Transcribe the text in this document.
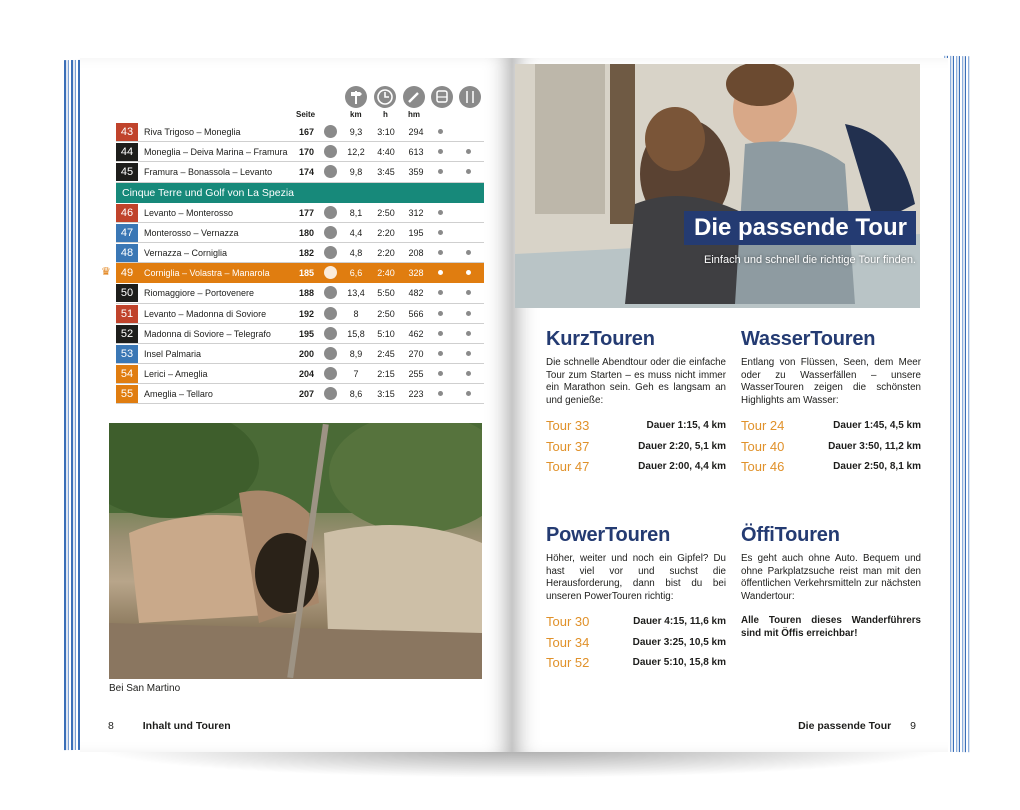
Seite	km	h	hm
43	Riva Trigoso – Moneglia	167	9,3	3:10	294
44	Moneglia – Deiva Marina – Framura	170	12,2	4:40	613
45	Framura – Bonassola – Levanto	174	9,8	3:45	359
Cinque Terre und Golf von La Spezia
46	Levanto – Monterosso	177	8,1	2:50	312
47	Monterosso – Vernazza	180	4,4	2:20	195
48	Vernazza – Corniglia	182	4,8	2:20	208
49	Corniglia – Volastra – Manarola	185	6,6	2:40	328
♛
50	Riomaggiore – Portovenere	188	13,4	5:50	482
51	Levanto – Madonna di Soviore	192	8	2:50	566
52	Madonna di Soviore – Telegrafo	195	15,8	5:10	462
53	Insel Palmaria	200	8,9	2:45	270
54	Lerici – Ameglia	204	7	2:15	255
55	Ameglia – Tellaro	207	8,6	3:15	223
Bei San Martino
8	Inhalt und Touren
Die passende Tour
Einfach und schnell die richtige Tour finden.
KurzTouren

Die schnelle Abendtour oder die einfache Tour zum Starten – es muss nicht immer ein Marathon sein. Geh es langsam an und genieße:

Tour 33	Dauer 1:15, 4 km
Tour 37	Dauer 2:20, 5,1 km
Tour 47	Dauer 2:00, 4,4 km
WasserTouren

Entlang von Flüssen, Seen, dem Meer oder zu Wasserfällen – unsere WasserTouren zeigen die schönsten Highlights am Wasser:

Tour 24	Dauer 1:45, 4,5 km
Tour 40	Dauer 3:50, 11,2 km
Tour 46	Dauer 2:50, 8,1 km
PowerTouren

Höher, weiter und noch ein Gipfel? Du hast viel vor und suchst die Herausforderung, dann bist du bei unseren PowerTouren richtig:

Tour 30	Dauer 4:15, 11,6 km
Tour 34	Dauer 3:25, 10,5 km
Tour 52	Dauer 5:10, 15,8 km
ÖffiTouren

Es geht auch ohne Auto. Bequem und ohne Parkplatzsuche reist man mit den öffentlichen Verkehrsmitteln zur nächsten Wandertour:

Alle Touren dieses Wanderführers sind mit Öffis erreichbar!

Die passende Tour 9
